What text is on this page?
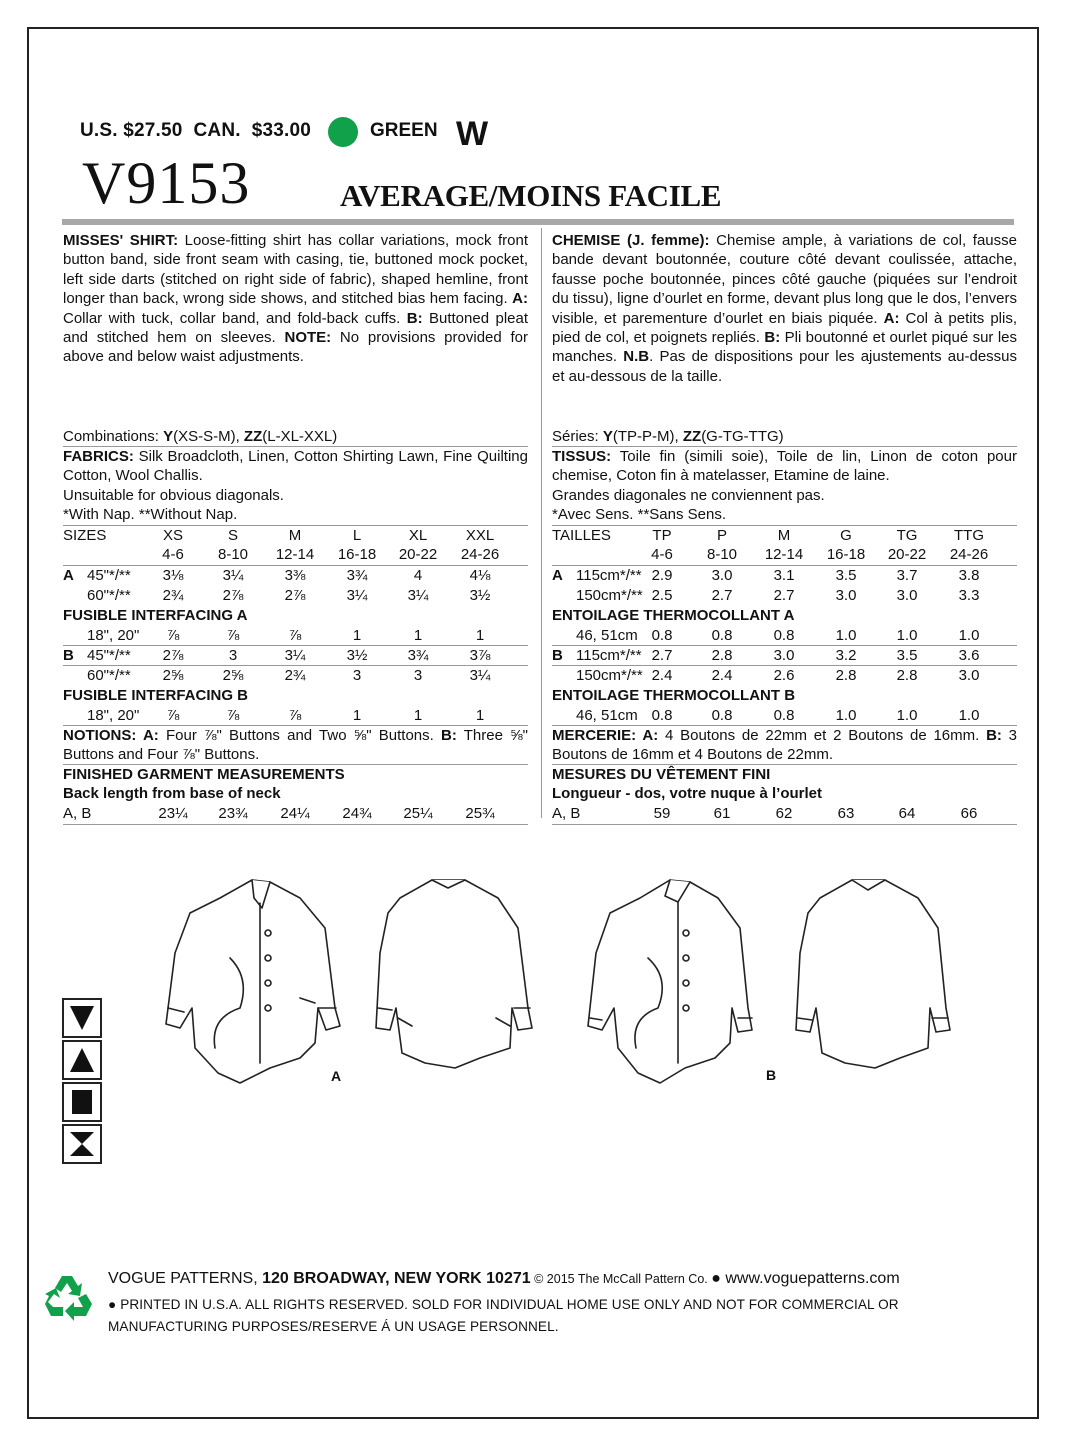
U.S. $27.50  CAN.  $33.00	GREEN W
V9153	AVERAGE/MOINS FACILE
MISSES' SHIRT: Loose-fitting shirt has collar variations, mock front button band, side front seam with casing, tie, buttoned mock pocket, left side darts (stitched on right side of fabric), shaped hemline, front longer than back, wrong side shows, and stitched bias hem facing. A: Collar with tuck, collar band, and fold-back cuffs. B: Buttoned pleat and stitched hem on sleeves. NOTE: No provisions provided for above and below waist adjustments.
CHEMISE (J. femme): Chemise ample, à variations de col, fausse bande devant boutonnée, couture côté devant coulissée, attache, fausse poche boutonnée, pinces côté gauche (piquées sur l’endroit du tissu), ligne d’ourlet en forme, devant plus long que le dos, l’envers visible, et parementure d’ourlet en biais piquée. A: Col à petits plis, pied de col, et poignets repliés. B: Pli boutonné et ourlet piqué sur les manches. N.B. Pas de dispositions pour les ajustements au-dessus et au-dessous de la taille.
Combinations: Y(XS-S-M), ZZ(L-XL-XXL)
FABRICS: Silk Broadcloth, Linen, Cotton Shirting Lawn, Fine Quilting Cotton, Wool Challis.
Unsuitable for obvious diagonals.
*With Nap. **Without Nap.
SIZES	XS	S	M	L	XL	XXL
4-6	8-10	12-14	16-18	20-22	24-26
A 45"*/**	3⅛	3¼	3⅜	3¾	4	4⅛
60"*/**	2¾	2⅞	2⅞	3¼	3¼	3½
FUSIBLE INTERFACING A
18", 20"	⅞	⅞	⅞	1	1	1
B 45"*/**	2⅞	3	3¼	3½	3¾	3⅞
60"*/**	2⅝	2⅝	2¾	3	3	3¼
FUSIBLE INTERFACING B
18", 20"	⅞	⅞	⅞	1	1	1
NOTIONS: A: Four ⅞" Buttons and Two ⅝" Buttons. B: Three ⅝" Buttons and Four ⅞" Buttons.
FINISHED GARMENT MEASUREMENTS
Back length from base of neck
A, B	23¼	23¾	24¼	24¾	25¼	25¾
Séries: Y(TP-P-M), ZZ(G-TG-TTG)
TISSUS: Toile fin (simili soie), Toile de lin, Linon de coton pour chemise, Coton fin à matelasser, Etamine de laine.
Grandes diagonales ne conviennent pas.
*Avec Sens. **Sans Sens.
TAILLES	TP	P	M	G	TG	TTG
4-6	8-10	12-14	16-18	20-22	24-26
A 115cm*/** 2.9	3.0	3.1	3.5	3.7	3.8
150cm*/** 2.5	2.7	2.7	3.0	3.0	3.3
ENTOILAGE THERMOCOLLANT A
46, 51cm 0.8	0.8	0.8	1.0	1.0	1.0
B 115cm*/** 2.7	2.8	3.0	3.2	3.5	3.6
150cm*/** 2.4	2.4	2.6	2.8	2.8	3.0
ENTOILAGE THERMOCOLLANT B
46, 51cm 0.8	0.8	0.8	1.0	1.0	1.0
MERCERIE: A: 4 Boutons de 22mm et 2 Boutons de 16mm. B: 3 Boutons de 16mm et 4 Boutons de 22mm.
MESURES DU VÊTEMENT FINI
Longueur - dos, votre nuque à l’ourlet
A, B	59	61	62	63	64	66
A	B
VOGUE PATTERNS, 120 BROADWAY, NEW YORK 10271 © 2015 The McCall Pattern Co. ● www.voguepatterns.com
● PRINTED IN U.S.A. ALL RIGHTS RESERVED. SOLD FOR INDIVIDUAL HOME USE ONLY AND NOT FOR COMMERCIAL OR MANUFACTURING PURPOSES/RESERVE Á UN USAGE PERSONNEL.
